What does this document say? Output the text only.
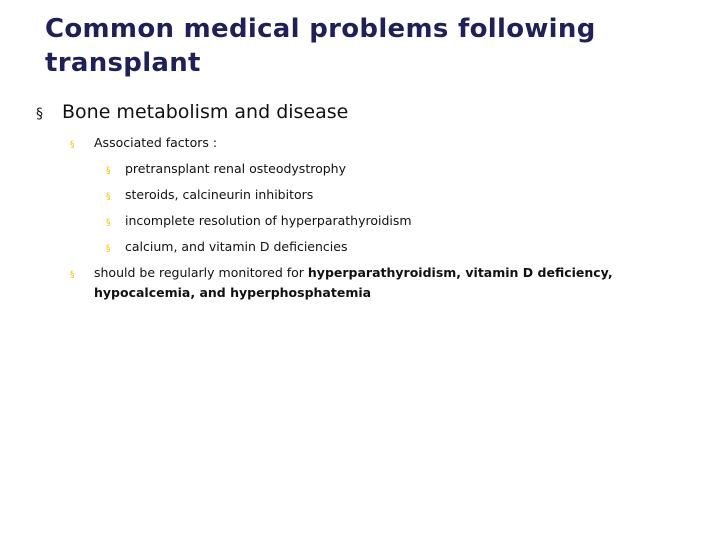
Common medical problems following transplant
§	Bone metabolism and disease
§	Associated factors :
§	pretransplant renal osteodystrophy
§	steroids, calcineurin inhibitors
§	incomplete resolution of hyperparathyroidism
§	calcium, and vitamin D deficiencies
§	should be regularly monitored for hyperparathyroidism, vitamin D deficiency, hypocalcemia, and hyperphosphatemia
